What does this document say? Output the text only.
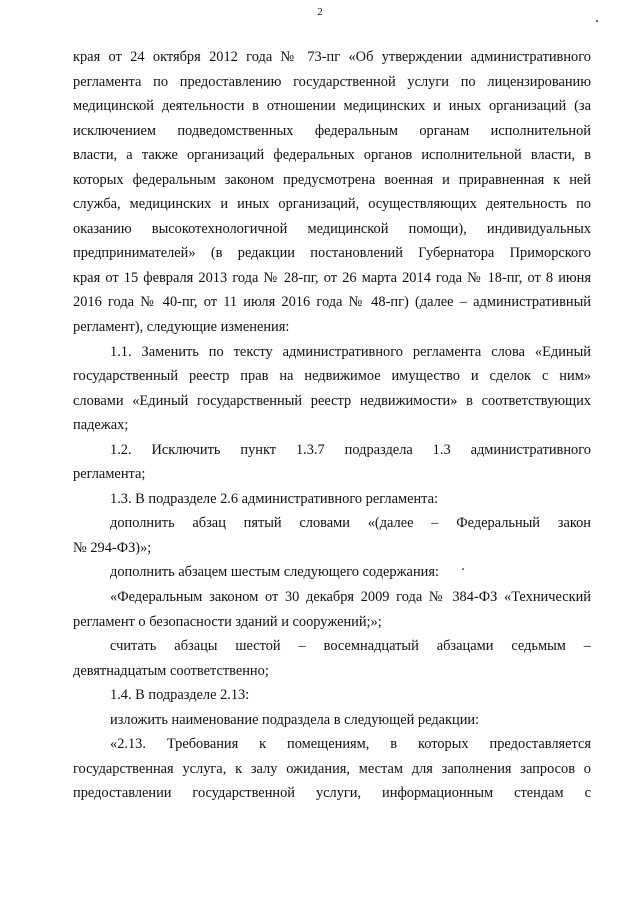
2
края от 24 октября 2012 года № 73-пг «Об утверждении административного
регламента по предоставлению государственной услуги по лицензированию
медицинской деятельности в отношении медицинских и иных организаций (за
исключением подведомственных федеральным органам исполнительной
власти, а также организаций федеральных органов исполнительной власти, в
которых федеральным законом предусмотрена военная и приравненная к ней
служба, медицинских и иных организаций, осуществляющих деятельность по
оказанию высокотехнологичной медицинской помощи), индивидуальных
предпринимателей» (в редакции постановлений Губернатора Приморского
края от 15 февраля 2013 года № 28-пг, от 26 марта 2014 года № 18-пг, от 8 июня
2016 года № 40-пг, от 11 июля 2016 года № 48-пг) (далее – административный
регламент), следующие изменения:
1.1. Заменить по тексту административного регламента слова «Единый
государственный реестр прав на недвижимое имущество и сделок с ним»
словами «Единый государственный реестр недвижимости» в соответствующих
падежах;
1.2. Исключить пункт 1.3.7 подраздела 1.3 административного
регламента;
1.3. В подразделе 2.6 административного регламента:
дополнить абзац пятый словами «(далее – Федеральный закон
№ 294-ФЗ)»;
дополнить абзацем шестым следующего содержания:
«Федеральным законом от 30 декабря 2009 года № 384-ФЗ «Технический
регламент о безопасности зданий и сооружений;»;
считать абзацы шестой – восемнадцатый абзацами седьмым –
девятнадцатым соответственно;
1.4. В подразделе 2.13:
изложить наименование подраздела в следующей редакции:
«2.13. Требования к помещениям, в которых предоставляется
государственная услуга, к залу ожидания, местам для заполнения запросов о
предоставлении государственной услуги, информационным стендам с
